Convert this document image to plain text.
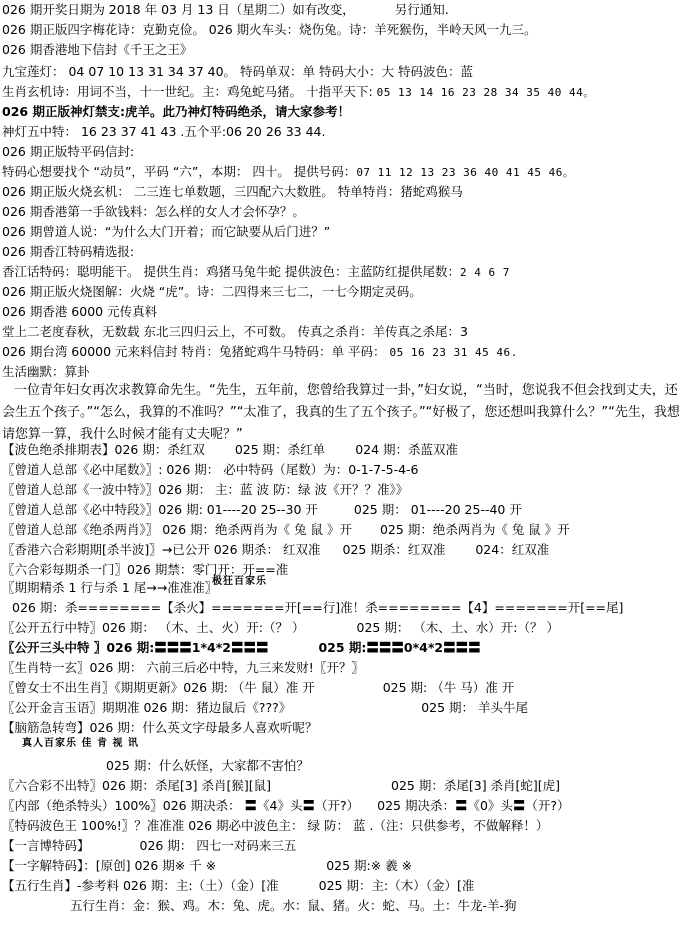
026 期开奖日期为 2018 年 03 月 13 日（星期二）如有改变，	另行通知.
026 期正版四字梅花诗：克勤克俭。 026 期火车头：烧伤兔。诗：羊死猴伤，半岭天风一九三。
026 期香港地下信封《千王之王》
九宝莲灯： 04 07 10 13 31 34 37 40。 特码单双：单 特码大小：大 特码波色：蓝
生肖玄机诗：用词不当，十一世纪。主：鸡兔蛇马猪。 十指平天下: 05 13 14 16 23 28 34 35 40 44。
026 期正版神灯禁支:虎羊。此乃神灯特码绝杀，请大家参考！
神灯五中特： 16 23 37 41 43 .五个平:06 20 26 33 44.
026 期正版特平码信封:
特码心想要找个 “动员”，平码 “六”，本期： 四十。 提供号码：07 11 12 13 23 36 40 41 45 46。
026 期正版火烧玄机： 二三连七单数题，三四配六大数胜。 特单特肖：猪蛇鸡猴马
026 期香港第一手欲钱料：怎么样的女人才会怀孕？。
026 期曾道人说：“为什么大门开着；而它缺要从后门进？”
026 期香江特码精选报:
香江话特码：聪明能干。 提供生肖：鸡猪马兔牛蛇 提供波色：主蓝防红提供尾数：2 4 6 7
026 期正版火烧图解：火烧 “虎”。诗：二四得来三七二，一七今期定灵码。
026 期香港 6000 元传真料
堂上二老度春秋，无数载 东北三四归云上，不可数。 传真之杀肖：羊传真之杀尾：3
026 期台湾 60000 元来料信封 特肖：兔猪蛇鸡牛马特码：单 平码： 05 16 23 31 45 46.
生活幽默：算卦
一位青年妇女再次求教算命先生。“先生，五年前，您曾给我算过一卦，”妇女说，“当时，您说我不但会找到丈夫，还会生五个孩子。”“怎么，我算的不准吗？”“太准了，我真的生了五个孩子。”“好极了，您还想叫我算什么？”“先生，我想请您算一算，我什么时候才能有丈夫呢？”
【波色绝杀排期表】026 期：杀红双 025 期：杀红单 024 期：杀蓝双准
〖曾道人总部《必中尾数》〗: 026 期： 必中特码（尾数）为：0-1-7-5-4-6
〖曾道人总部《一波中特》〗026 期： 主：蓝 波 防：绿 波《开？？准》》
〖曾道人总部《必中特段》〗026 期: 01----20 25--30 开	025 期： 01----20 25--40 开
〖曾道人总部《绝杀两肖》〗 026 期：绝杀两肖为《 兔 鼠 》开 025 期：绝杀两肖为《 兔 鼠 》开
〖香港六合彩期期[杀半波]〗→已公开 026 期杀： 红双准 025 期杀：红双准 024：红双准
〖六合彩每期杀一门〗026 期禁：零门开：开==准
〖期期精杀 1 行与杀 1 尾→→准准准〗
极狂百家乐
026 期：杀========【杀火】=======开[==行]准！杀========【4】=======开[==尾]
〖公开五行中特〗026 期： （木、土、火）开:（？ ）	025 期： （木、土、水）开:（？ ）
〖公开三头中特 〗026 期:〓〓〓1*4*2〓〓〓	025 期:〓〓〓0*4*2〓〓〓
〖生肖特一玄〗026 期： 六前三后必中特，九三来发财!〖开？〗
〖曾女士不出生肖〗《期期更新》026 期: （牛 鼠）准 开	025 期: （牛 马）准 开
〖公开金言玉语〗期期准 026 期：猪边鼠后《???》	025 期： 羊头牛尾
【脑筋急转弯】026 期：什么英文字母最多人喜欢听呢？
真人百家乐 佳 肯 视 讯
025 期：什么妖怪，大家都不害怕？
〖六合彩不出特〗026 期：杀尾[3] 杀肖[猴][鼠]	025 期：杀尾[3] 杀肖[蛇][虎]
〖内部（绝杀特头）100%〗026 期决杀： 〓《4》头〓（开?） 025 期决杀：〓《0》头〓（开?）
〖特码波色王 100%!〗？准准准 026 期必中波色主： 绿 防： 蓝 .（注：只供参考，不做解释！）
【一言博特码】	026 期： 四七一对码来三五
【一字解特码】：[原创] 026 期※ 千 ※	025 期:※ 羲 ※
【五行生肖】-参考料 026 期：主:（土）（金）[准	025 期：主:（木）（金）[准
五行生肖：金：猴、鸡。木：兔、虎。水：鼠、猪。火：蛇、马。土：牛龙-羊-狗
